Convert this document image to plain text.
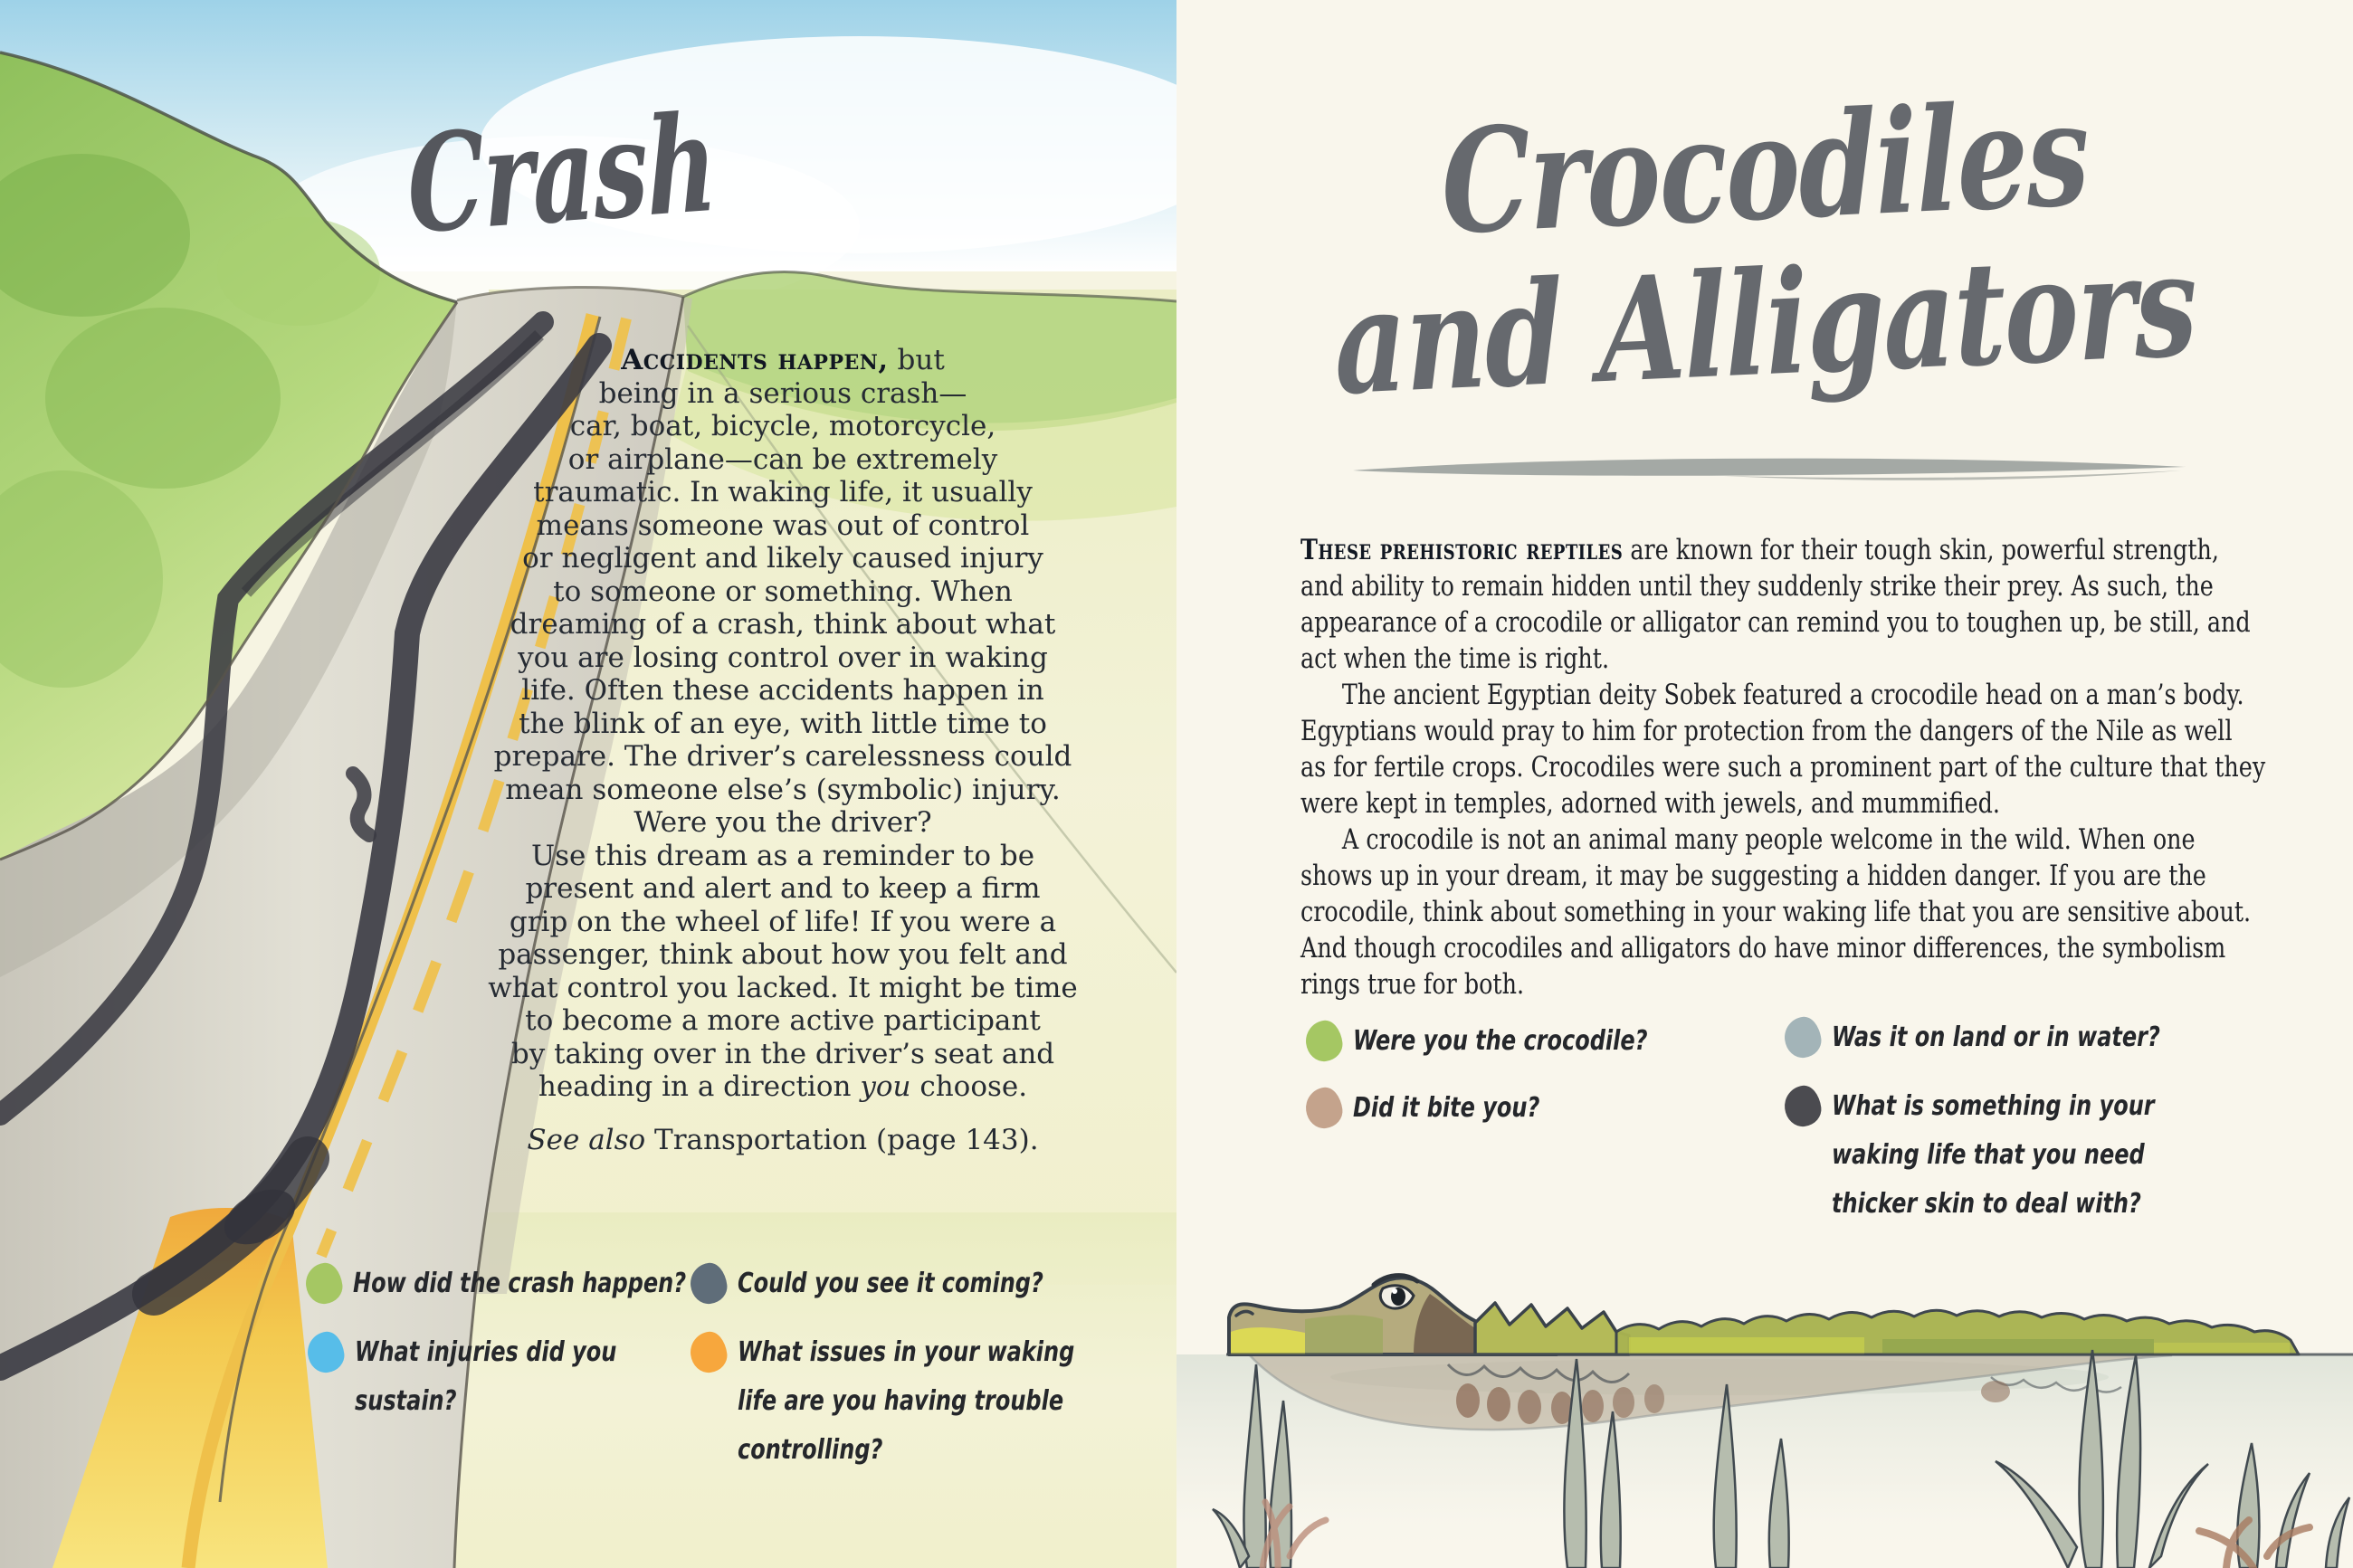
Crash
Accidents happen, but
being in a serious crash—
car, boat, bicycle, motorcycle,
or airplane—can be extremely
traumatic. In waking life, it usually
means someone was out of control
or negligent and likely caused injury
to someone or something. When
dreaming of a crash, think about what
you are losing control over in waking
life. Often these accidents happen in
the blink of an eye, with little time to
prepare. The driver’s carelessness could
mean someone else’s (symbolic) injury.
Were you the driver?
Use this dream as a reminder to be
present and alert and to keep a firm
grip on the wheel of life! If you were a
passenger, think about how you felt and
what control you lacked. It might be time
to become a more active participant
by taking over in the driver’s seat and
heading in a direction you choose.
See also Transportation (page 143).
How did the crash happen?
What injuries did you
sustain?
Could you see it coming?
What issues in your waking
life are you having trouble
controlling?
Crocodiles
and Alligators
These prehistoric reptiles are known for their tough skin, powerful strength,
and ability to remain hidden until they suddenly strike their prey. As such, the
appearance of a crocodile or alligator can remind you to toughen up, be still, and
act when the time is right.
The ancient Egyptian deity Sobek featured a crocodile head on a man’s body.
Egyptians would pray to him for protection from the dangers of the Nile as well
as for fertile crops. Crocodiles were such a prominent part of the culture that they
were kept in temples, adorned with jewels, and mummified.
A crocodile is not an animal many people welcome in the wild. When one
shows up in your dream, it may be suggesting a hidden danger. If you are the
crocodile, think about something in your waking life that you are sensitive about.
And though crocodiles and alligators do have minor differences, the symbolism
rings true for both.
Were you the crocodile?
Did it bite you?
Was it on land or in water?
What is something in your
waking life that you need
thicker skin to deal with?
